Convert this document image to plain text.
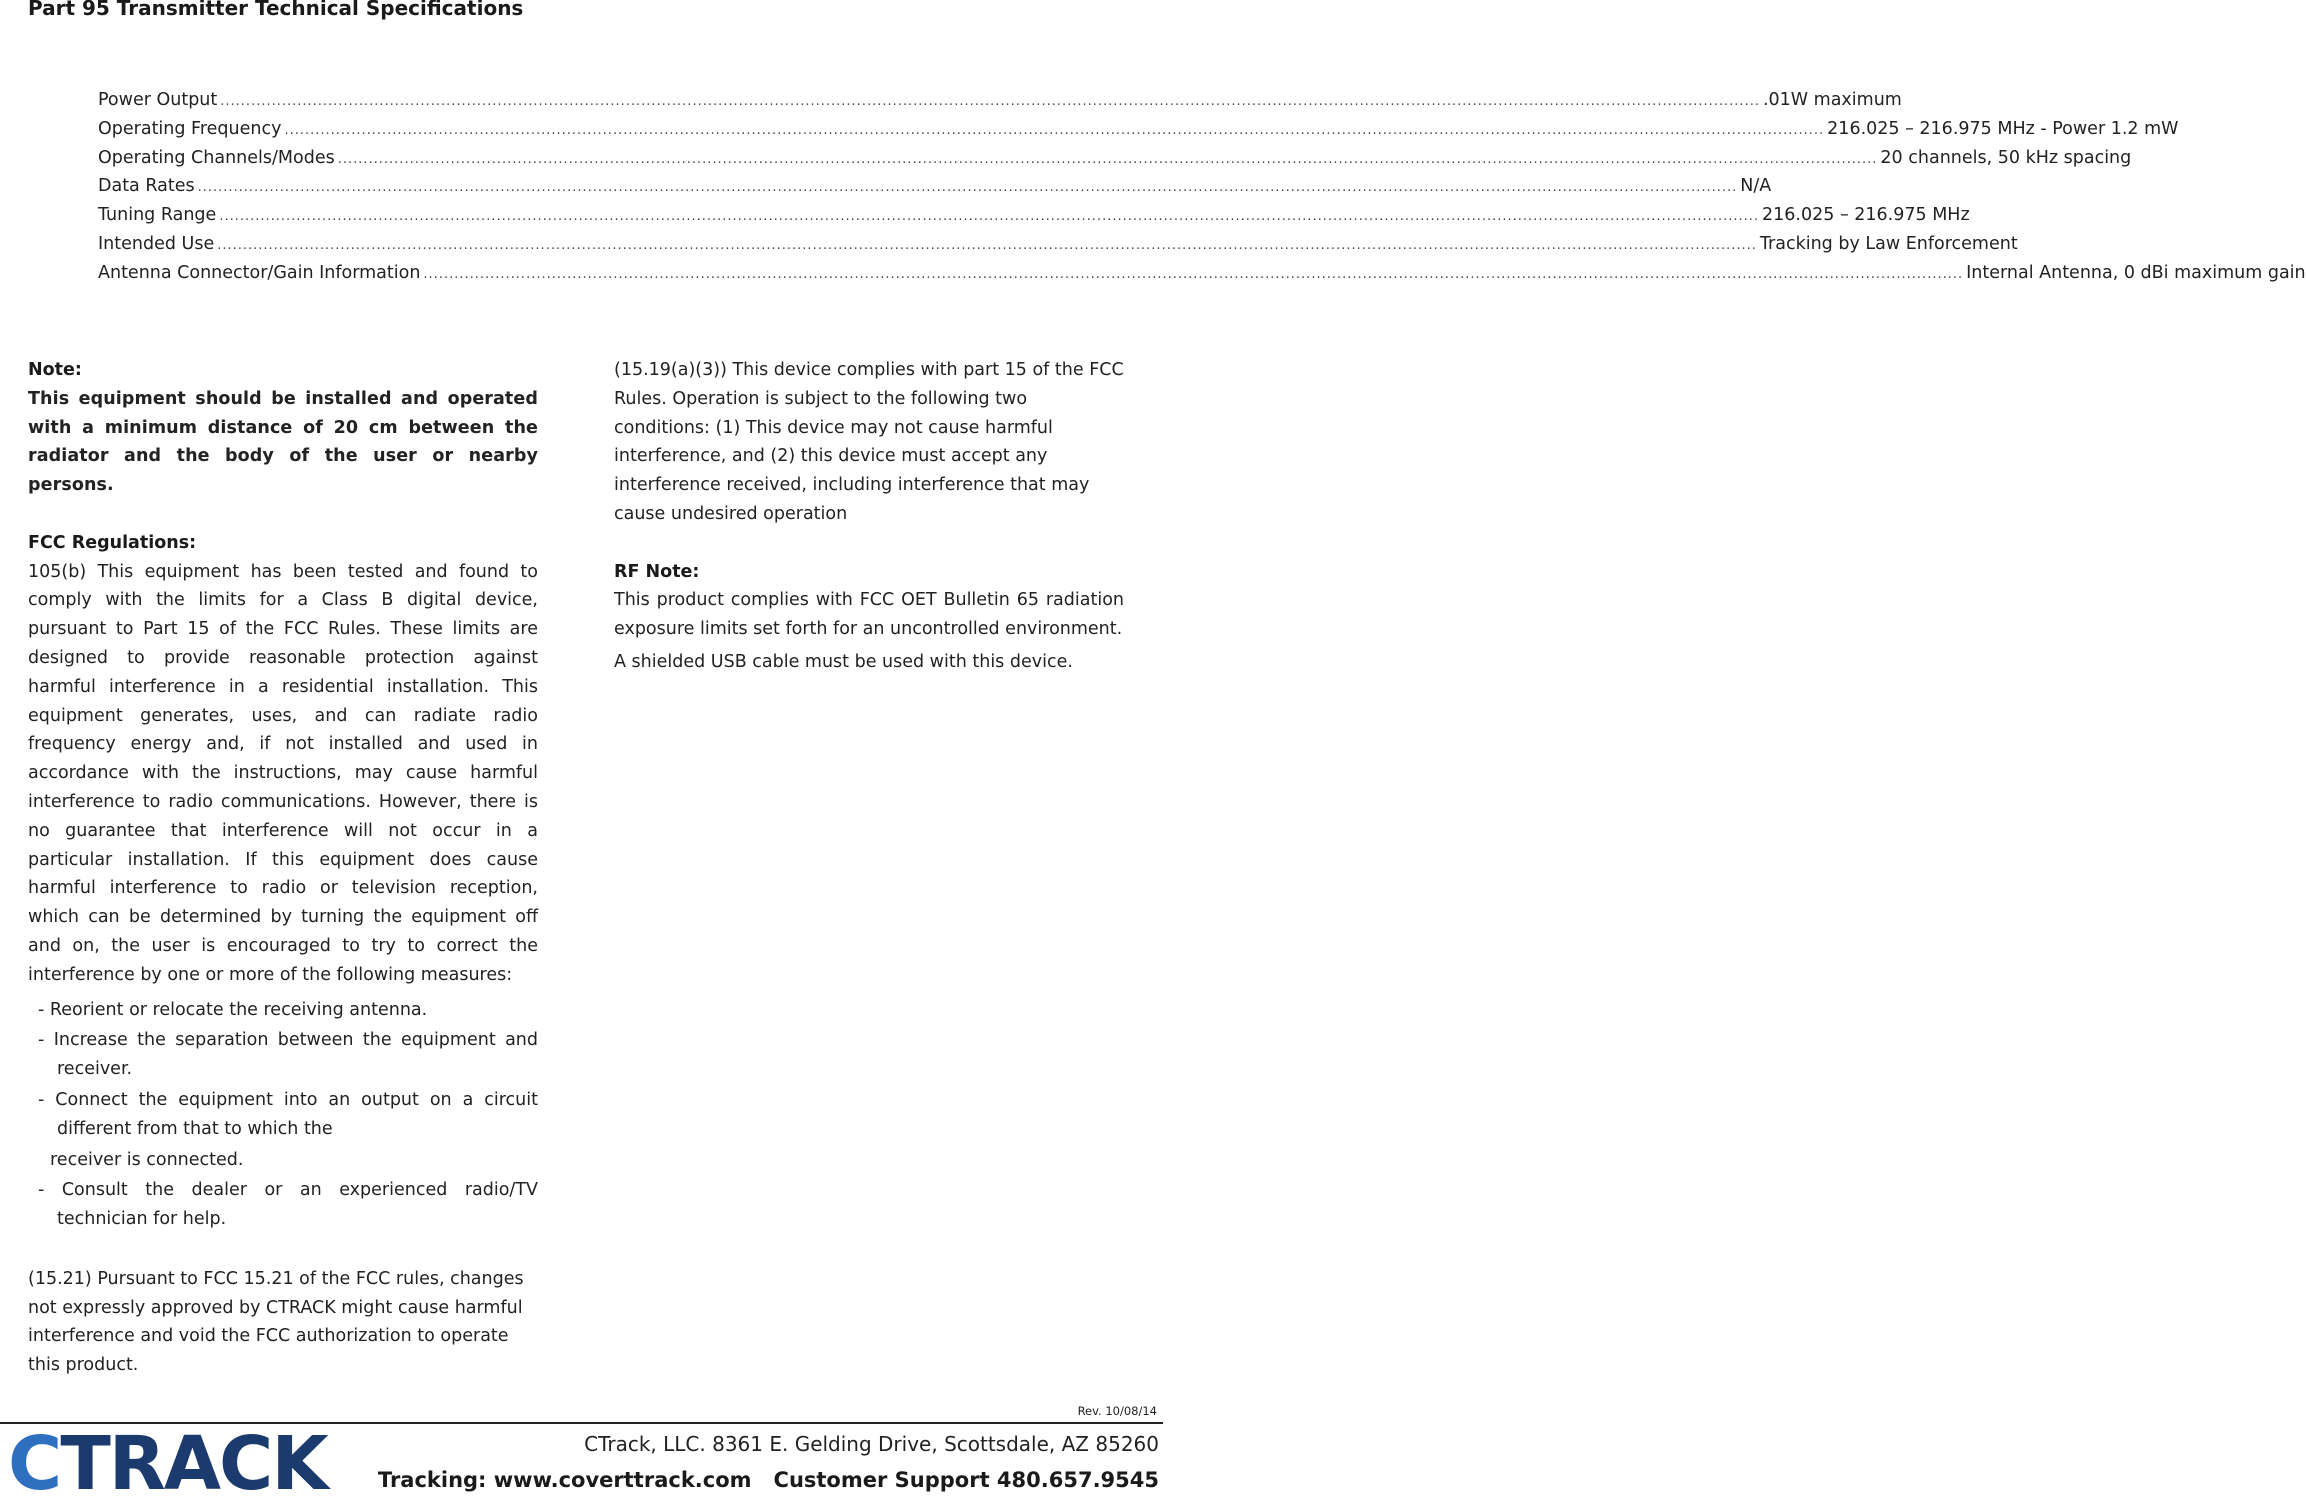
Part 95 Transmitter Technical Specifications
Power Output ............................................................................................................................................................................................................................................................................................................ .01W maximum
Operating Frequency ............................................................................................................................................................................................................................................................................................................ 216.025 – 216.975 MHz - Power 1.2 mW
Operating Channels/Modes ............................................................................................................................................................................................................................................................................................................ 20 channels, 50 kHz spacing
Data Rates ............................................................................................................................................................................................................................................................................................................ N/A
Tuning Range ............................................................................................................................................................................................................................................................................................................ 216.025 – 216.975 MHz
Intended Use ............................................................................................................................................................................................................................................................................................................ Tracking by Law Enforcement
Antenna Connector/Gain Information ............................................................................................................................................................................................................................................................................................................ Internal Antenna, 0 dBi maximum gain
Note:

This equipment should be installed and operated with a minimum distance of 20 cm between the radiator and the body of the user or nearby persons.

FCC Regulations:

105(b) This equipment has been tested and found to comply with the limits for a Class B digital device, pursuant to Part 15 of the FCC Rules. These limits are designed to provide reasonable protection against harmful interference in a residential installation. This equipment generates, uses, and can radiate radio frequency energy and, if not installed and used in accordance with the instructions, may cause harmful interference to radio communications. However, there is no guarantee that interference will not occur in a particular installation. If this equipment does cause harmful interference to radio or television reception, which can be determined by turning the equipment off and on, the user is encouraged to try to correct the interference by one or more of the following measures:

- Reorient or relocate the receiving antenna.
- Increase the separation between the equipment and receiver.
- Connect the equipment into an output on a circuit different from that to which the
receiver is connected.
- Consult the dealer or an experienced radio/TV technician for help.

(15.21) Pursuant to FCC 15.21 of the FCC rules, changes not expressly approved by CTRACK might cause harmful interference and void the FCC authorization to operate this product.

(15.19(a)(3)) This device complies with part 15 of the FCC Rules. Operation is subject to the following two conditions: (1) This device may not cause harmful interference, and (2) this device must accept any interference received, including interference that may cause undesired operation

RF Note:

This product complies with FCC OET Bulletin 65 radiation exposure limits set forth for an uncontrolled environment.

A shielded USB cable must be used with this device.

Rev. 10/08/14
CTRACK	CTrack, LLC. 8361 E. Gelding Drive, Scottsdale, AZ 85260
Tracking: www.coverttrack.com Customer Support 480.657.9545
